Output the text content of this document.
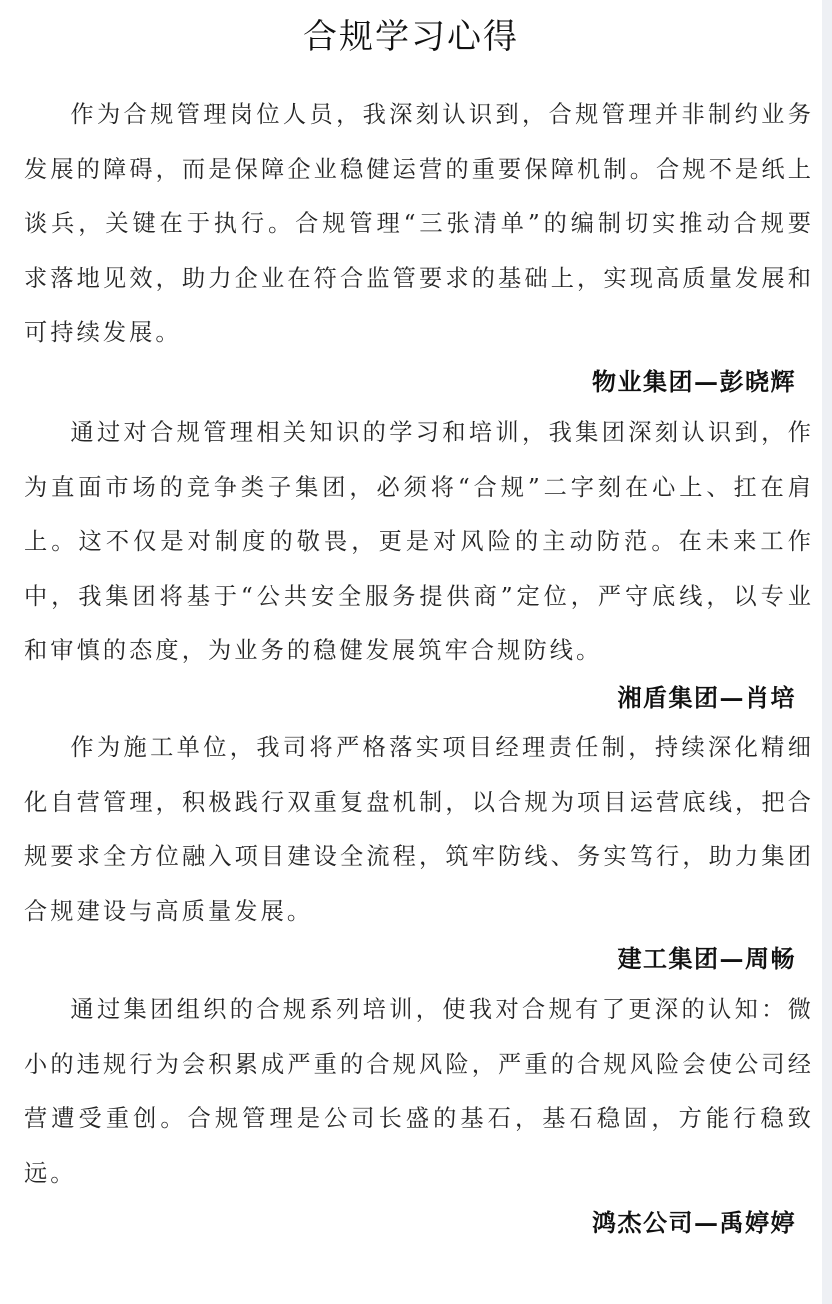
合规学习心得

作为合规管理岗位人员，我深刻认识到，合规管理并非制约业务发展的障碍，而是保障企业稳健运营的重要保障机制。合规不是纸上谈兵，关键在于执行。合规管理“三张清单”的编制切实推动合规要求落地见效，助力企业在符合监管要求的基础上，实现高质量发展和可持续发展。

物业集团—彭晓辉

通过对合规管理相关知识的学习和培训，我集团深刻认识到，作为直面市场的竞争类子集团，必须将“合规”二字刻在心上、扛在肩上。这不仅是对制度的敬畏，更是对风险的主动防范。在未来工作中，我集团将基于“公共安全服务提供商”定位，严守底线，以专业和审慎的态度，为业务的稳健发展筑牢合规防线。

湘盾集团—肖培

作为施工单位，我司将严格落实项目经理责任制，持续深化精细化自营管理，积极践行双重复盘机制，以合规为项目运营底线，把合规要求全方位融入项目建设全流程，筑牢防线、务实笃行，助力集团合规建设与高质量发展。

建工集团—周畅

通过集团组织的合规系列培训，使我对合规有了更深的认知：微小的违规行为会积累成严重的合规风险，严重的合规风险会使公司经营遭受重创。合规管理是公司长盛的基石，基石稳固，方能行稳致远。

鸿杰公司—禹婷婷
